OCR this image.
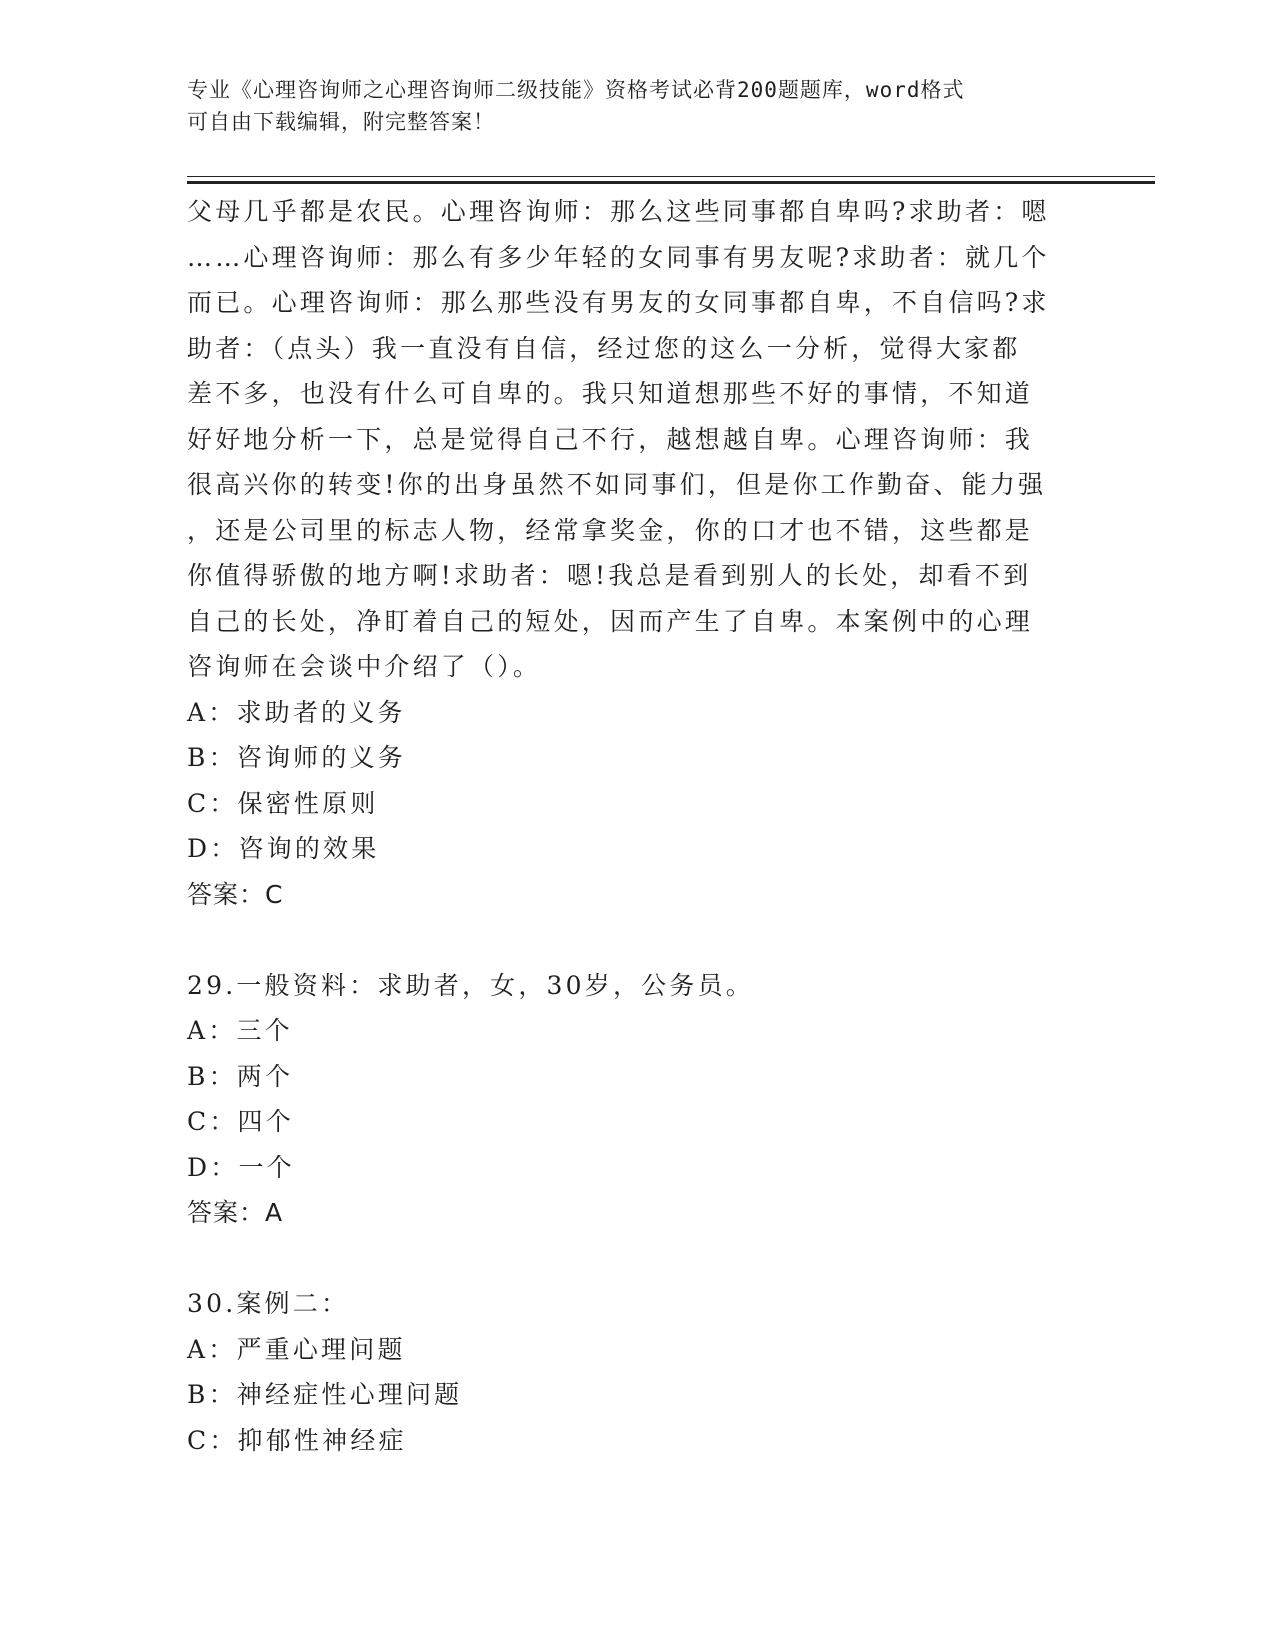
专业《心理咨询师之心理咨询师二级技能》资格考试必背200题题库，word格式
可自由下载编辑，附完整答案！
父母几乎都是农民。心理咨询师：那么这些同事都自卑吗?求助者：嗯
……心理咨询师：那么有多少年轻的女同事有男友呢?求助者：就几个
而已。心理咨询师：那么那些没有男友的女同事都自卑，不自信吗?求
助者：（点头）我一直没有自信，经过您的这么一分析，觉得大家都
差不多，也没有什么可自卑的。我只知道想那些不好的事情，不知道
好好地分析一下，总是觉得自己不行，越想越自卑。心理咨询师：我
很高兴你的转变!你的出身虽然不如同事们，但是你工作勤奋、能力强
，还是公司里的标志人物，经常拿奖金，你的口才也不错，这些都是
你值得骄傲的地方啊!求助者：嗯!我总是看到别人的长处，却看不到
自己的长处，净盯着自己的短处，因而产生了自卑。本案例中的心理
咨询师在会谈中介绍了（）。
A：求助者的义务
B：咨询师的义务
C：保密性原则
D：咨询的效果
答案：C
29.一般资料：求助者，女，30岁，公务员。
A：三个
B：两个
C：四个
D：一个
答案：A
30.案例二：
A：严重心理问题
B：神经症性心理问题
C：抑郁性神经症
